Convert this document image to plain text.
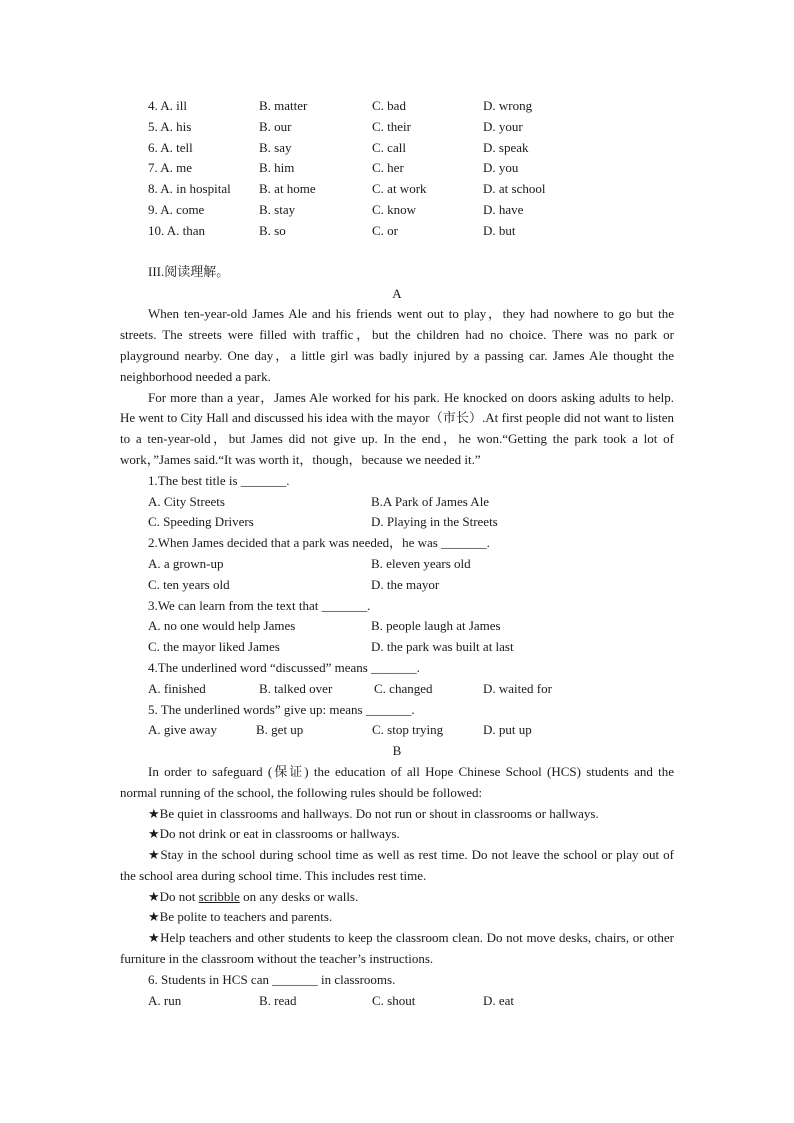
4. A. ill	B. matter	C. bad	D. wrong
5. A. his	B. our	C. their	D. your
6. A. tell	B. say	C. call	D. speak
7. A. me	B. him	C. her	D. you
8. A. in hospital B. at home	C. at work	D. at school
9. A. come	B. stay	C. know	D. have
10. A. than	B. so	C. or	D. but
III.阅读理解。
A

When ten-year-old James Ale and his friends went out to play，they had nowhere to go but the streets. The streets were filled with traffic，but the children had no choice. There was no park or playground nearby. One day，a little girl was badly injured by a passing car. James Ale thought the neighborhood needed a park.

For more than a year，James Ale worked for his park. He knocked on doors asking adults to help. He went to City Hall and discussed his idea with the mayor（市长）.At first people did not want to listen to a ten-year-old，but James did not give up. In the end，he won.“Getting the park took a lot of work，”James said.“It was worth it，though，because we needed it.”

1.The best title is _______.
A. City Streets	B.A Park of James Ale
C. Speeding Drivers	D. Playing in the Streets
2.When James decided that a park was needed，he was _______.
A. a grown-up	B. eleven years old
C. ten years old	D. the mayor
3.We can learn from the text that _______.
A. no one would help James	B. people laugh at James
C. the mayor liked James	D. the park was built at last
4.The underlined word “discussed” means _______.
A. finished	B. talked over	C. changed	D. waited for
5. The underlined words” give up: means _______.
A. give away	B. get up	C. stop trying	D. put up
B

In order to safeguard (保证) the education of all Hope Chinese School (HCS) students and the normal running of the school, the following rules should be followed:

★Be quiet in classrooms and hallways. Do not run or shout in classrooms or hallways.

★Do not drink or eat in classrooms or hallways.

★Stay in the school during school time as well as rest time. Do not leave the school or play out of the school area during school time. This includes rest time.

★Do not scribble on any desks or walls.

★Be polite to teachers and parents.

★Help teachers and other students to keep the classroom clean. Do not move desks, chairs, or other furniture in the classroom without the teacher’s instructions.

6. Students in HCS can _______ in classrooms.
A. run	B. read	C. shout	D. eat
